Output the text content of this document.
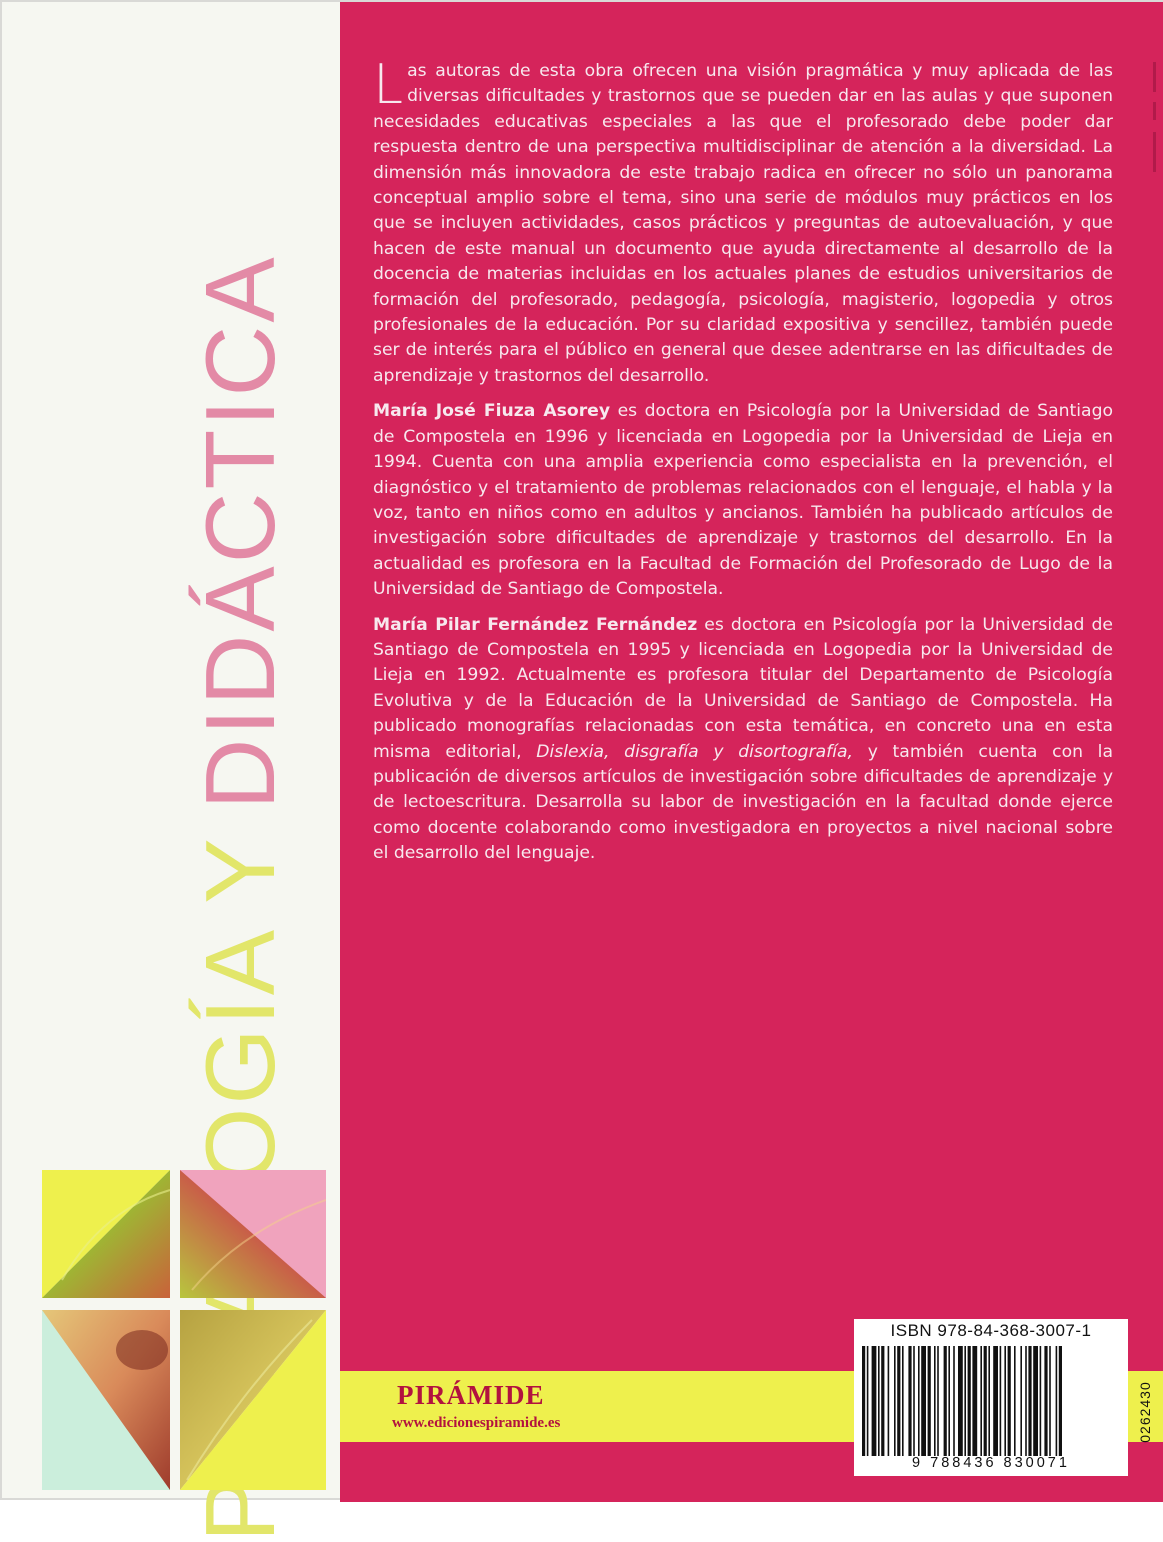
DIDÁCTICA

Las autoras de esta obra ofrecen una visión pragmática y muy aplicada de las diversas dificultades y trastornos que se pueden dar en las aulas y que suponen necesidades educativas especiales a las que el profesorado debe poder dar respuesta dentro de una perspectiva multidisciplinar de atención a la diversidad. La dimensión más innovadora de este trabajo radica en ofrecer no sólo un panorama conceptual amplio sobre el tema, sino una serie de módulos muy prácticos en los que se incluyen actividades, casos prácticos y preguntas de autoevaluación, y que hacen de este manual un documento que ayuda directamente al desarrollo de la docencia de materias incluidas en los actuales planes de estudios universitarios de formación del profesorado, pedagogía, psicología, magisterio, logopedia y otros profesionales de la educación. Por su claridad expositiva y sencillez, también puede ser de interés para el público en general que desee adentrarse en las dificultades de aprendizaje y trastornos del desarrollo.

María José Fiuza Asorey es doctora en Psicología por la Universidad de Santiago de Compostela en 1996 y licenciada en Logopedia por la Universidad de Lieja en 1994. Cuenta con una amplia experiencia como especialista en la prevención, el diagnóstico y el tratamiento de problemas relacionados con el lenguaje, el habla y la voz, tanto en niños como en adultos y ancianos. También ha publicado artículos de investigación sobre dificultades de aprendizaje y trastornos del desarrollo. En la actualidad es profesora en la Facultad de Formación del Profesorado de Lugo de la Universidad de Santiago de Compostela.

María Pilar Fernández Fernández es doctora en Psicología por la Universidad de Santiago de Compostela en 1995 y licenciada en Logopedia por la Universidad de Lieja en 1992. Actualmente es profesora titular del Departamento de Psicología Evolutiva y de la Educación de la Universidad de Santiago de Compostela. Ha publicado monografías relacionadas con esta temática, en concreto una en esta misma editorial, Dislexia, disgrafía y disortografía, y también cuenta con la publicación de diversos artículos de investigación sobre dificultades de aprendizaje y de lectoescritura. Desarrolla su labor de investigación en la facultad donde ejerce como docente colaborando como investigadora en proyectos a nivel nacional sobre el desarrollo del lenguaje.

PIRÁMIDE
www.edicionespiramide.es
ISBN 978-84-368-3007-1
9 788436 830071
0262430
